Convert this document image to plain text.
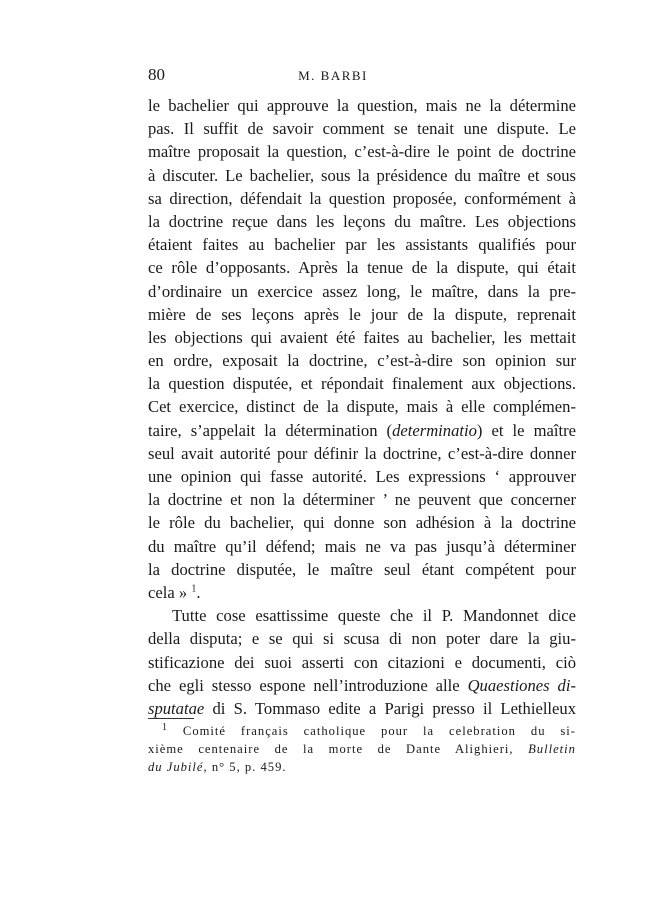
80	M. BARBI
le bachelier qui approuve la question, mais ne la détermine
pas. Il suffit de savoir comment se tenait une dispute. Le
maître proposait la question, c’est-à-dire le point de doctrine
à discuter. Le bachelier, sous la présidence du maître et sous
sa direction, défendait la question proposée, conformément à
la doctrine reçue dans les leçons du maître. Les objections
étaient faites au bachelier par les assistants qualifiés pour
ce rôle d’opposants. Après la tenue de la dispute, qui était
d’ordinaire un exercice assez long, le maître, dans la pre-
mière de ses leçons après le jour de la dispute, reprenait
les objections qui avaient été faites au bachelier, les mettait
en ordre, exposait la doctrine, c’est-à-dire son opinion sur
la question disputée, et répondait finalement aux objections.
Cet exercice, distinct de la dispute, mais à elle complémen-
taire, s’appelait la détermination (determinatio) et le maître
seul avait autorité pour définir la doctrine, c’est-à-dire donner
une opinion qui fasse autorité. Les expressions ‘ approuver
la doctrine et non la déterminer ’ ne peuvent que concerner
le rôle du bachelier, qui donne son adhésion à la doctrine
du maître qu’il défend; mais ne va pas jusqu’à déterminer
la doctrine disputée, le maître seul étant compétent pour
cela » $^1$.
Tutte cose esattissime queste che il P. Mandonnet dice
della disputa; e se qui si scusa di non poter dare la giu-
stificazione dei suoi asserti con citazioni e documenti, ciò
che egli stesso espone nell’introduzione alle Quaestiones di-
sputatae di S. Tommaso edite a Parigi presso il Lethielleux
$^1$ Comité français catholique pour la celebration du si-
xième centenaire de la morte de Dante Alighieri, Bulletin
du Jubilé, n° 5, p. 459.
